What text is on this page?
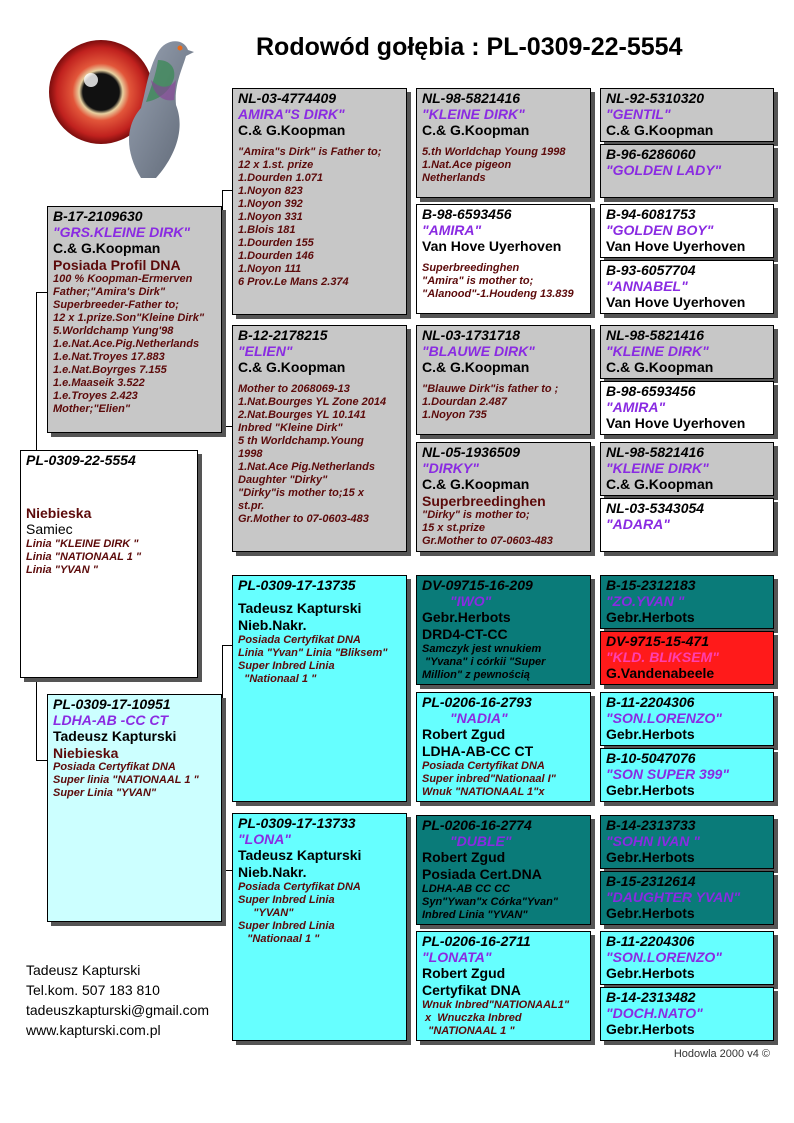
Rodowód gołębia : PL-0309-22-5554
PL-0309-22-5554
Niebieska
Samiec
Linia "KLEINE DIRK "
Linia "NATIONAAL 1 "
Linia "YVAN "
B-17-2109630
"GRS.KLEINE DIRK"
C.& G.Koopman
Posiada Profil DNA
100 % Koopman-Ermerven
Father;"Amira's Dirk"
Superbreeder-Father to;
12 x 1.prize.Son"Kleine Dirk"
5.Worldchamp Yung'98
1.e.Nat.Ace.Pig.Netherlands
1.e.Nat.Troyes 17.883
1.e.Nat.Boyrges 7.155
1.e.Maaseik 3.522
1.e.Troyes 2.423
Mother;"Elien"
PL-0309-17-10951
LDHA-AB -CC CT
Tadeusz Kapturski
Niebieska
Posiada Certyfikat DNA
Super linia "NATIONAAL 1 "
Super Linia "YVAN"
NL-03-4774409
AMIRA"S DIRK"
C.& G.Koopman
"Amira"s Dirk" is Father to;
12 x 1.st. prize
1.Dourden 1.071
1.Noyon 823
1.Noyon 392
1.Noyon 331
1.Blois 181
1.Dourden 155
1.Dourden 146
1.Noyon 111
6 Prov.Le Mans 2.374
B-12-2178215
"ELIEN"
C.& G.Koopman
Mother to 2068069-13
1.Nat.Bourges YL Zone 2014
2.Nat.Bourges YL 10.141
Inbred "Kleine Dirk"
5 th Worldchamp.Young
1998
1.Nat.Ace Pig.Netherlands
Daughter "Dirky"
"Dirky"is mother to;15 x
st.pr.
Gr.Mother to 07-0603-483
PL-0309-17-13735
Tadeusz Kapturski
Nieb.Nakr.
Posiada Certyfikat DNA
Linia "Yvan" Linia "Bliksem"
Super Inbred Linia
"Nationaal 1 "
PL-0309-17-13733
"LONA"
Tadeusz Kapturski
Nieb.Nakr.
Posiada Certyfikat DNA
Super Inbred Linia
"YVAN"
Super Inbred Linia
"Nationaal 1 "
NL-98-5821416
"KLEINE DIRK"
C.& G.Koopman
5.th Worldchap Young 1998
1.Nat.Ace pigeon
Netherlands
B-98-6593456
"AMIRA"
Van Hove Uyerhoven
Superbreedinghen
"Amira" is mother to;
"Alanood"-1.Houdeng 13.839
NL-03-1731718
"BLAUWE DIRK"
C.& G.Koopman
"Blauwe Dirk"is father to ;
1.Dourdan 2.487
1.Noyon 735
NL-05-1936509
"DIRKY"
C.& G.Koopman
Superbreedinghen
"Dirky" is mother to;
15 x st.prize
Gr.Mother to 07-0603-483
DV-09715-16-209
"IWO"
Gebr.Herbots
DRD4-CT-CC
Samczyk jest wnukiem
"Yvana" i córkii "Super
Million" z pewnością
PL-0206-16-2793
"NADIA"
Robert Zgud
LDHA-AB-CC CT
Posiada Certyfikat DNA
Super inbred"Nationaal I"
Wnuk "NATIONAAL 1"x
PL-0206-16-2774
"DUBLE"
Robert Zgud
Posiada Cert.DNA
LDHA-AB CC CC
Syn"Ywan"x Córka"Yvan"
Inbred Linia "YVAN"
PL-0206-16-2711
"LONATA"
Robert Zgud
Certyfikat DNA
Wnuk Inbred"NATIONAAL1"
x  Wnuczka Inbred
"NATIONAAL 1 "
NL-92-5310320
"GENTIL"
C.& G.Koopman
B-96-6286060
"GOLDEN LADY"
B-94-6081753
"GOLDEN BOY"
Van Hove Uyerhoven
B-93-6057704
"ANNABEL"
Van Hove Uyerhoven
NL-98-5821416
"KLEINE DIRK"
C.& G.Koopman
B-98-6593456
"AMIRA"
Van Hove Uyerhoven
NL-98-5821416
"KLEINE DIRK"
C.& G.Koopman
NL-03-5343054
"ADARA"
B-15-2312183
"ZO.YVAN "
Gebr.Herbots
DV-9715-15-471
"KLD. BLIKSEM"
G.Vandenabeele
B-11-2204306
"SON.LORENZO"
Gebr.Herbots
B-10-5047076
"SON SUPER 399"
Gebr.Herbots
B-14-2313733
"SOHN IVAN "
Gebr.Herbots
B-15-2312614
"DAUGHTER YVAN"
Gebr.Herbots
B-11-2204306
"SON.LORENZO"
Gebr.Herbots
B-14-2313482
"DOCH.NATO"
Gebr.Herbots
Tadeusz Kapturski
Tel.kom. 507 183 810
tadeuszkapturski@gmail.com
www.kapturski.com.pl
Hodowla 2000 v4 ©
